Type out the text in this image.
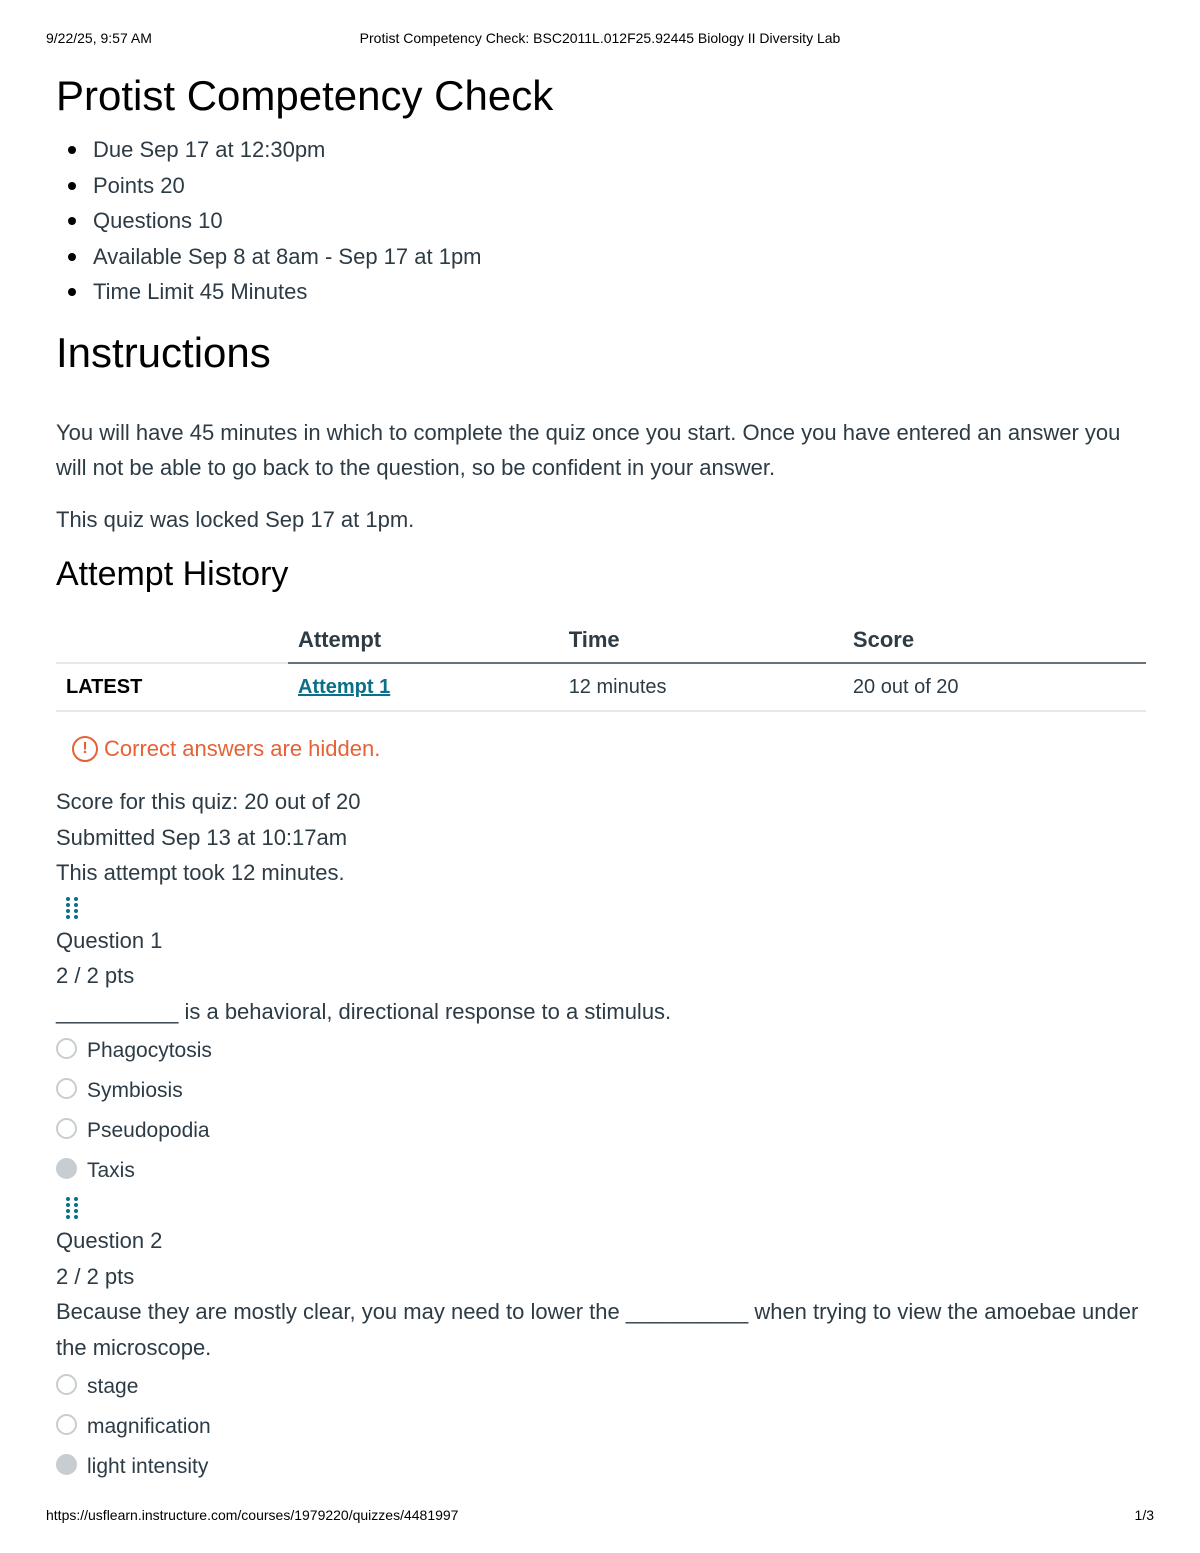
9/22/25, 9:57 AM	Protist Competency Check: BSC2011L.012F25.92445 Biology II Diversity Lab
Protist Competency Check
Due Sep 17 at 12:30pm
Points 20
Questions 10
Available Sep 8 at 8am - Sep 17 at 1pm
Time Limit 45 Minutes
Instructions

You will have 45 minutes in which to complete the quiz once you start. Once you have entered an answer you will not be able to go back to the question, so be confident in your answer.

This quiz was locked Sep 17 at 1pm.

Attempt History
	Attempt	Time	Score
LATEST	Attempt 1	12 minutes	20 out of 20
! Correct answers are hidden.
Score for this quiz: 20 out of 20
Submitted Sep 13 at 10:17am
This attempt took 12 minutes.
Question 1
2 / 2 pts
__________ is a behavioral, directional response to a stimulus.
Phagocytosis
Symbiosis
Pseudopodia
Taxis
Question 2
2 / 2 pts
Because they are mostly clear, you may need to lower the __________ when trying to view the amoebae under the microscope.
stage
magnification
light intensity
https://usflearn.instructure.com/courses/1979220/quizzes/4481997	1/3
